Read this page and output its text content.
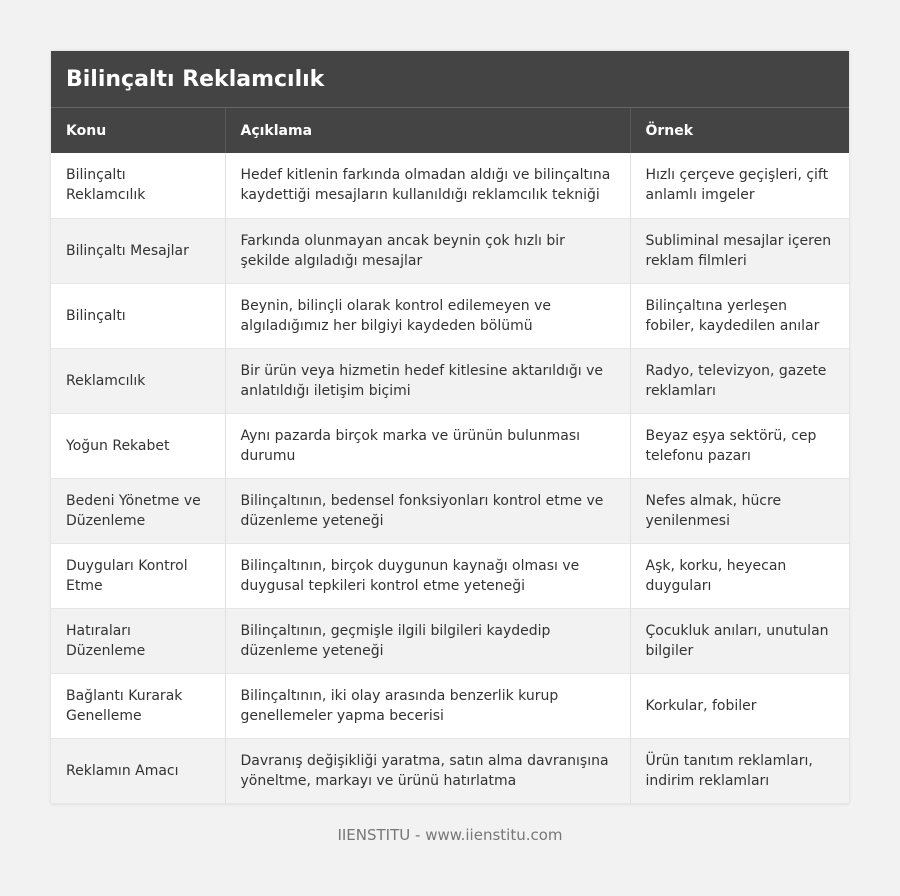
Bilinçaltı Reklamcılık
Konu	Açıklama	Örnek
Bilinçaltı Reklamcılık	Hedef kitlenin farkında olmadan aldığı ve bilinçaltına kaydettiği mesajların kullanıldığı reklamcılık tekniği	Hızlı çerçeve geçişleri, çift anlamlı imgeler
Bilinçaltı Mesajlar	Farkında olunmayan ancak beynin çok hızlı bir şekilde algıladığı mesajlar	Subliminal mesajlar içeren reklam filmleri
Bilinçaltı	Beynin, bilinçli olarak kontrol edilemeyen ve algıladığımız her bilgiyi kaydeden bölümü	Bilinçaltına yerleşen fobiler, kaydedilen anılar
Reklamcılık	Bir ürün veya hizmetin hedef kitlesine aktarıldığı ve anlatıldığı iletişim biçimi	Radyo, televizyon, gazete reklamları
Yoğun Rekabet	Aynı pazarda birçok marka ve ürünün bulunması durumu	Beyaz eşya sektörü, cep telefonu pazarı
Bedeni Yönetme ve Düzenleme	Bilinçaltının, bedensel fonksiyonları kontrol etme ve düzenleme yeteneği	Nefes almak, hücre yenilenmesi
Duyguları Kontrol Etme	Bilinçaltının, birçok duygunun kaynağı olması ve duygusal tepkileri kontrol etme yeteneği	Aşk, korku, heyecan duyguları
Hatıraları Düzenleme	Bilinçaltının, geçmişle ilgili bilgileri kaydedip düzenleme yeteneği	Çocukluk anıları, unutulan bilgiler
Bağlantı Kurarak Genelleme	Bilinçaltının, iki olay arasında benzerlik kurup genellemeler yapma becerisi	Korkular, fobiler
Reklamın Amacı	Davranış değişikliği yaratma, satın alma davranışına yöneltme, markayı ve ürünü hatırlatma	Ürün tanıtım reklamları, indirim reklamları
IIENSTITU - www.iienstitu.com
